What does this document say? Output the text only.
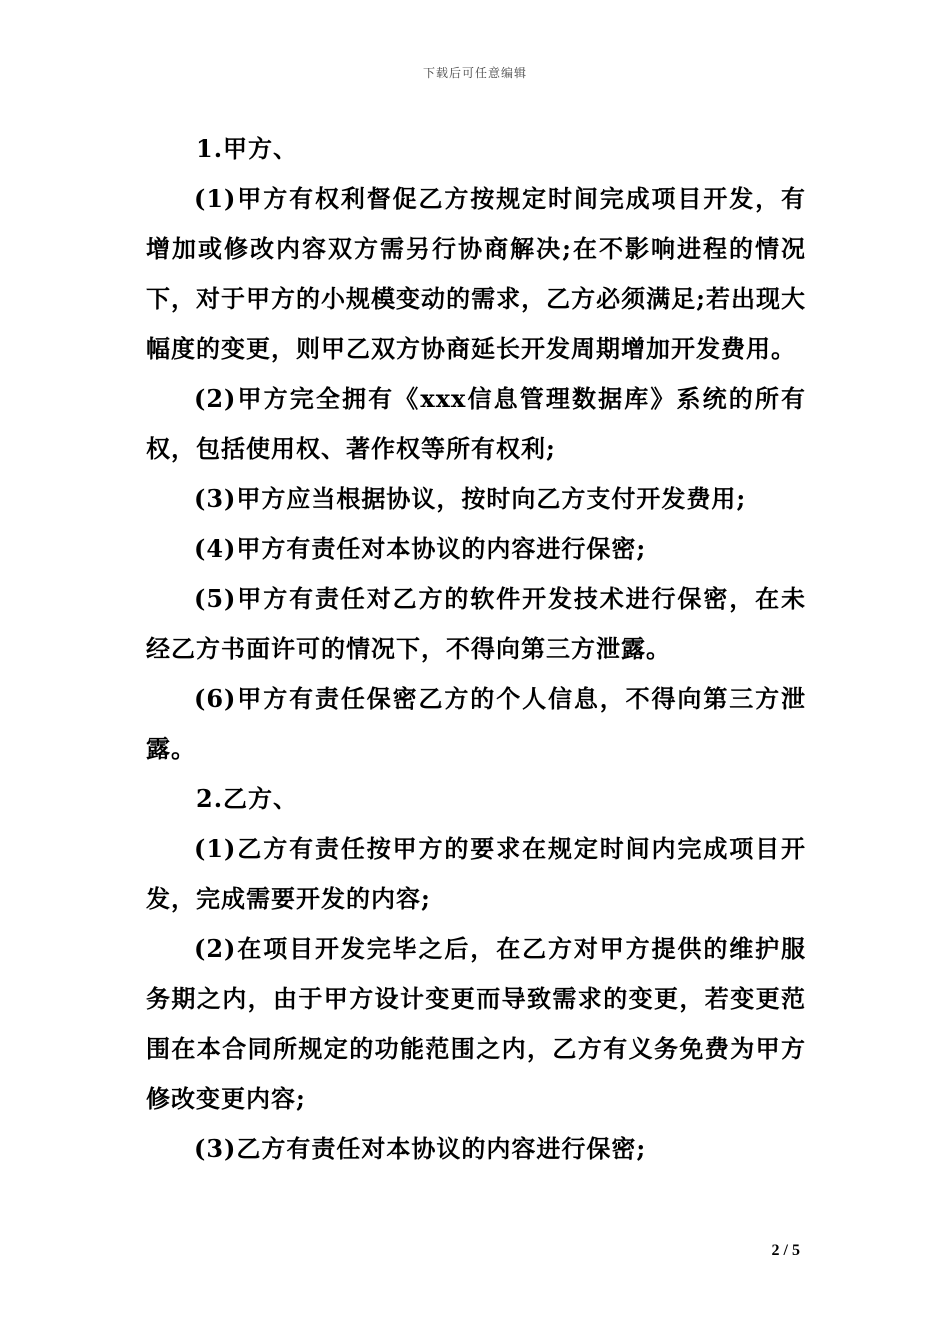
下载后可任意编辑

1.甲方、

(1)甲方有权利督促乙方按规定时间完成项目开发，有增加或修改内容双方需另行协商解决;在不影响进程的情况下，对于甲方的小规模变动的需求，乙方必须满足;若出现大幅度的变更，则甲乙双方协商延长开发周期增加开发费用。

(2)甲方完全拥有《xxx信息管理数据库》系统的所有权，包括使用权、著作权等所有权利;

(3)甲方应当根据协议，按时向乙方支付开发费用;

(4)甲方有责任对本协议的内容进行保密;

(5)甲方有责任对乙方的软件开发技术进行保密，在未经乙方书面许可的情况下，不得向第三方泄露。

(6)甲方有责任保密乙方的个人信息，不得向第三方泄露。

2.乙方、

(1)乙方有责任按甲方的要求在规定时间内完成项目开发，完成需要开发的内容;

(2)在项目开发完毕之后，在乙方对甲方提供的维护服务期之内，由于甲方设计变更而导致需求的变更，若变更范围在本合同所规定的功能范围之内，乙方有义务免费为甲方修改变更内容;

(3)乙方有责任对本协议的内容进行保密;

2 / 5
